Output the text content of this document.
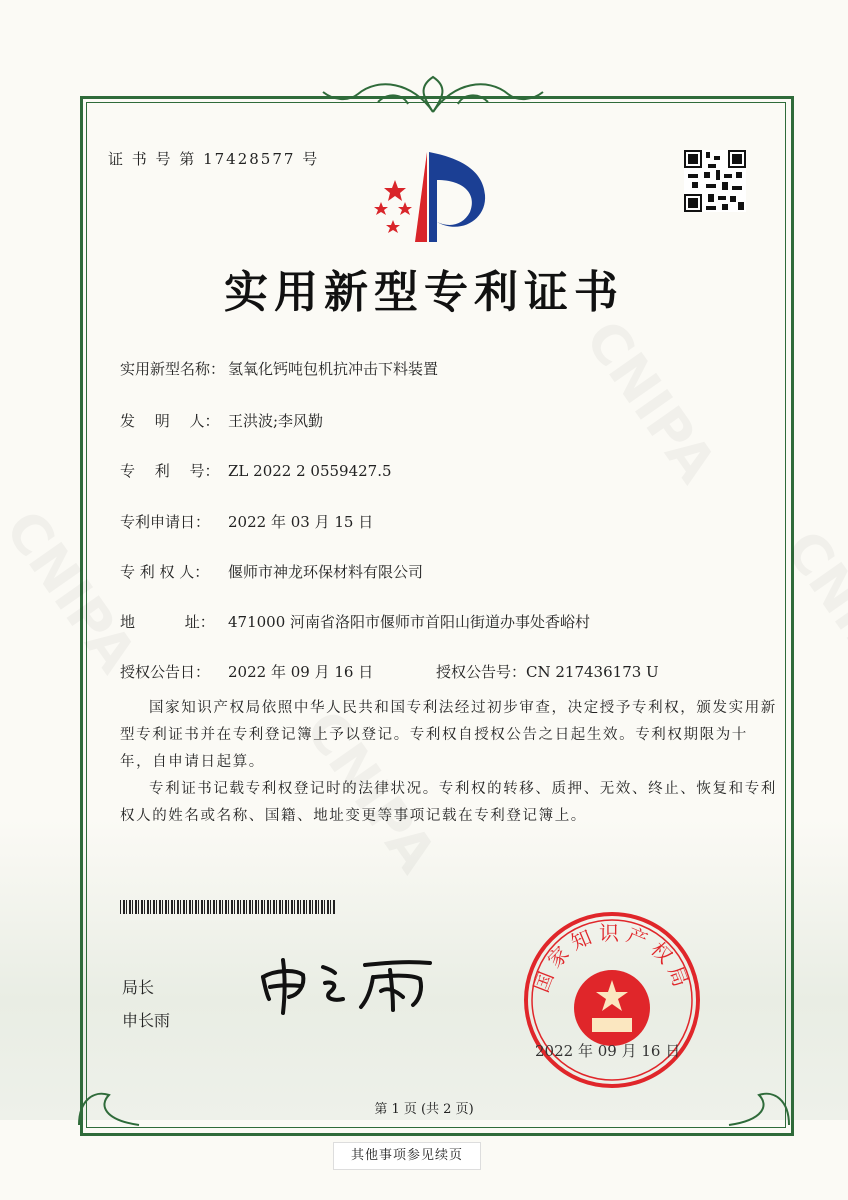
证 书 号 第 17428577 号
实用新型专利证书
实用新型名称： 氢氧化钙吨包机抗冲击下料装置
发　 明　 人： 王洪波;李风勤
专　 利　 号： ZL 2022 2 0559427.5
专利申请日： 2022 年 03 月 15 日
专 利 权 人： 偃师市神龙环保材料有限公司
地　　　 址： 471000 河南省洛阳市偃师市首阳山街道办事处香峪村
授权公告日： 2022 年 09 月 16 日	授权公告号：CN 217436173 U

国家知识产权局依照中华人民共和国专利法经过初步审查，决定授予专利权，颁发实用新型专利证书并在专利登记簿上予以登记。专利权自授权公告之日起生效。专利权期限为十年，自申请日起算。

专利证书记载专利权登记时的法律状况。专利权的转移、质押、无效、终止、恢复和专利权人的姓名或名称、国籍、地址变更等事项记载在专利登记簿上。

局长
申长雨
国家知识产权局
2022 年 09 月 16 日
第 1 页 (共 2 页)
其他事项参见续页
